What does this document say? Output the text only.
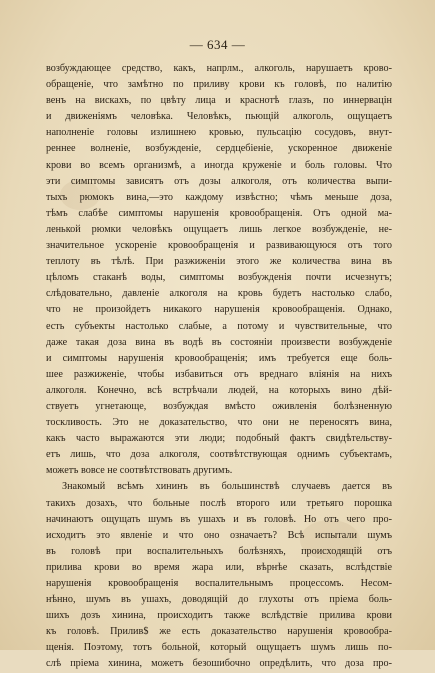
— 634 —
возбуждающее средство, какъ, напрлм., алкоголь, нарушаетъ крово-
обращеніе, что замѣтно по приливу крови къ головѣ, по налитію
венъ на вискахъ, по цвѣту лица и краснотѣ глазъ, по иннервацін
и движеніямъ человѣка. Человѣкъ, пьющій алкоголь, ощущаетъ
наполненіе головы излишнею кровью, пульсацію сосудовъ, внут-
реннее волненіе, возбужденіе, сердцебіеніе, ускоренное движеніе
крови во всемъ организмѣ, а иногда круженіе и боль головы. Что
эти симптомы зависятъ отъ дозы алкоголя, отъ количества выпи-
тыхъ рюмокъ вина,—это каждому извѣстно; чѣмъ меньше доза,
тѣмъ слабѣе симптомы нарушенія кровообращенія. Отъ одной ма-
ленькой рюмки человѣкъ ощущаетъ лишь легкое возбужденіе, не-
значительное ускореніе кровообращенія и развивающуюся отъ того
теплоту въ тѣлѣ. При разжиженіи этого же количества вина въ
цѣломъ стаканѣ воды, симптомы возбужденія почти исчезнутъ;
слѣдовательно, давленіе алкоголя на кровь будетъ настолько слабо,
что не произойдетъ никакого нарушенія кровообращенія. Однако,
есть субъекты настолько слабые, а потому и чувствительные, что
даже такая доза вина въ водѣ въ состояніи произвести возбужденіе
и симптомы нарушенія кровообращенія; имъ требуется еще боль-
шее разжиженіе, чтобы избавиться отъ вреднаго вліянія на нихъ
алкоголя. Конечно, всѣ встрѣчали людей, на которыхъ вино дѣй-
ствуетъ угнетающе, возбуждая вмѣсто оживленія болѣзненную
тоскливость. Это не доказательство, что они не переносятъ вина,
какъ часто выражаются эти люди; подобный фактъ свидѣтельству-
етъ лишь, что доза алкоголя, соотвѣтствующая однимъ субъектамъ,
можетъ вовсе не соотвѣтствовать другимъ.
Знакомый всѣмъ хининъ въ большинствѣ случаевъ дается въ
такихъ дозахъ, что больные послѣ второго или третьяго порошка
начинаютъ ощущать шумъ въ ушахъ и въ головѣ. Но отъ чего про-
исходитъ это явленіе и что оно означаетъ? Всѣ испытали шумъ
въ головѣ при воспалительныхъ болѣзняхъ, происходящій отъ
прилива крови во время жара или, вѣрнѣе сказать, вслѣдствіе
нарушенія кровообращенія воспалительнымъ процессомъ. Несом-
нѣнно, шумъ въ ушахъ, доводящій до глухоты отъ пріема боль-
шихъ дозъ хинина, происходитъ также вслѣдствіе прилива крови
къ головѣ. Прилив$ же есть доказательство нарушенія кровообра-
щенія. Поэтому, тотъ больной, который ощущаетъ шумъ лишь по-
слѣ пріема хинина, можетъ безошибочно опредѣлить, что доза про-
